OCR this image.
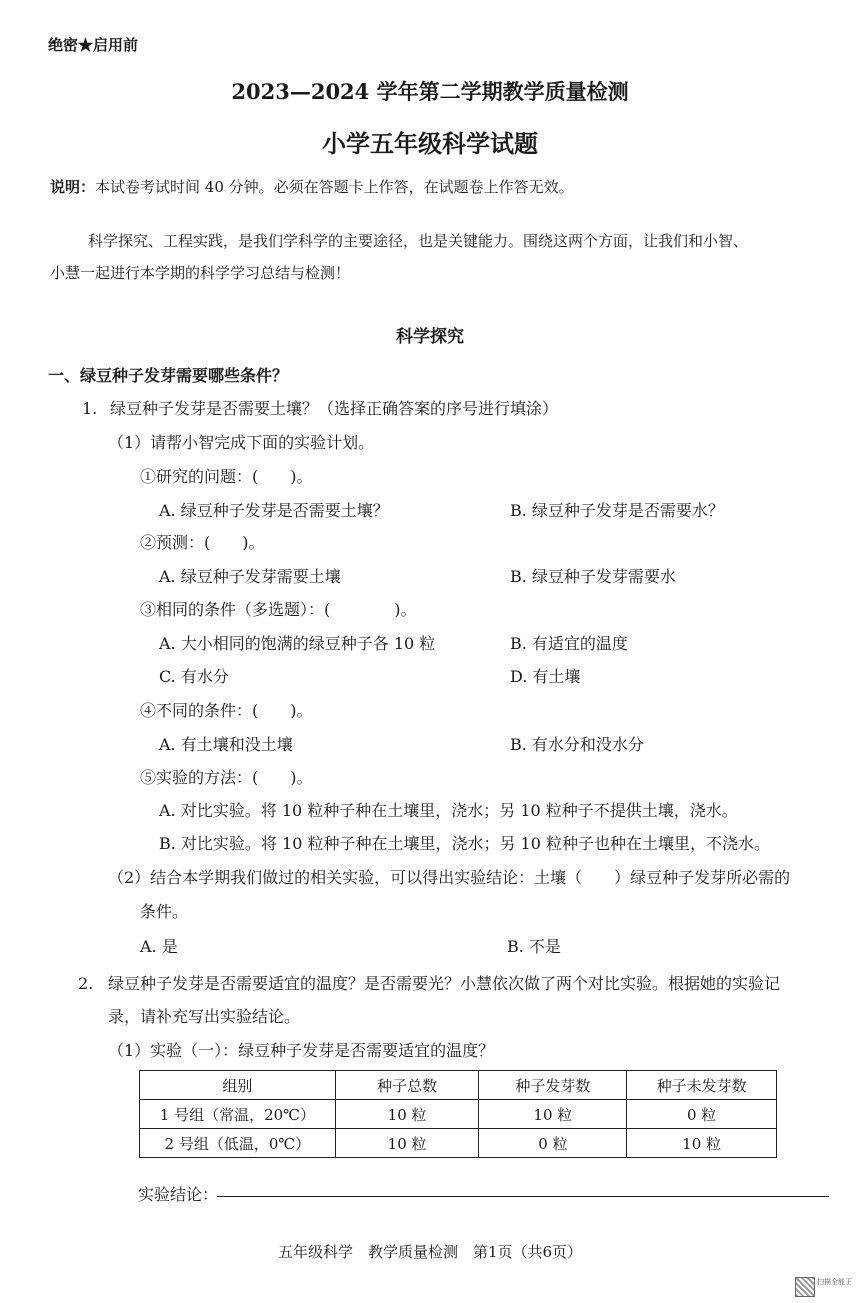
绝密★启用前
2023—2024 学年第二学期教学质量检测
小学五年级科学试题
说明：本试卷考试时间 40 分钟。必须在答题卡上作答，在试题卷上作答无效。
科学探究、工程实践，是我们学科学的主要途径，也是关键能力。围绕这两个方面，让我们和小智、
小慧一起进行本学期的科学学习总结与检测！
科学探究
一、绿豆种子发芽需要哪些条件？
1. 绿豆种子发芽是否需要土壤？（选择正确答案的序号进行填涂）
（1）请帮小智完成下面的实验计划。
①研究的问题：(　　)。
A. 绿豆种子发芽是否需要土壤？	B. 绿豆种子发芽是否需要水？
②预测：(　　)。
A. 绿豆种子发芽需要土壤	B. 绿豆种子发芽需要水
③相同的条件（多选题）：(　　　　)。
A. 大小相同的饱满的绿豆种子各 10 粒	B. 有适宜的温度
C. 有水分	D. 有土壤
④不同的条件：(　　)。
A. 有土壤和没土壤	B. 有水分和没水分
⑤实验的方法：(　　)。
A. 对比实验。将 10 粒种子种在土壤里，浇水；另 10 粒种子不提供土壤，浇水。
B. 对比实验。将 10 粒种子种在土壤里，浇水；另 10 粒种子也种在土壤里，不浇水。
（2）结合本学期我们做过的相关实验，可以得出实验结论：土壤（　　）绿豆种子发芽所必需的
条件。
A. 是	B. 不是
2. 绿豆种子发芽是否需要适宜的温度？是否需要光？小慧依次做了两个对比实验。根据她的实验记
录，请补充写出实验结论。
（1）实验（一）：绿豆种子发芽是否需要适宜的温度？
组别	种子总数	种子发芽数	种子未发芽数
1 号组（常温，20℃）	10 粒	10 粒	0 粒
2 号组（低温，0℃）	10 粒	0 粒	10 粒
实验结论：
五年级科学　教学质量检测　第1页（共6页）
扫描全能王
